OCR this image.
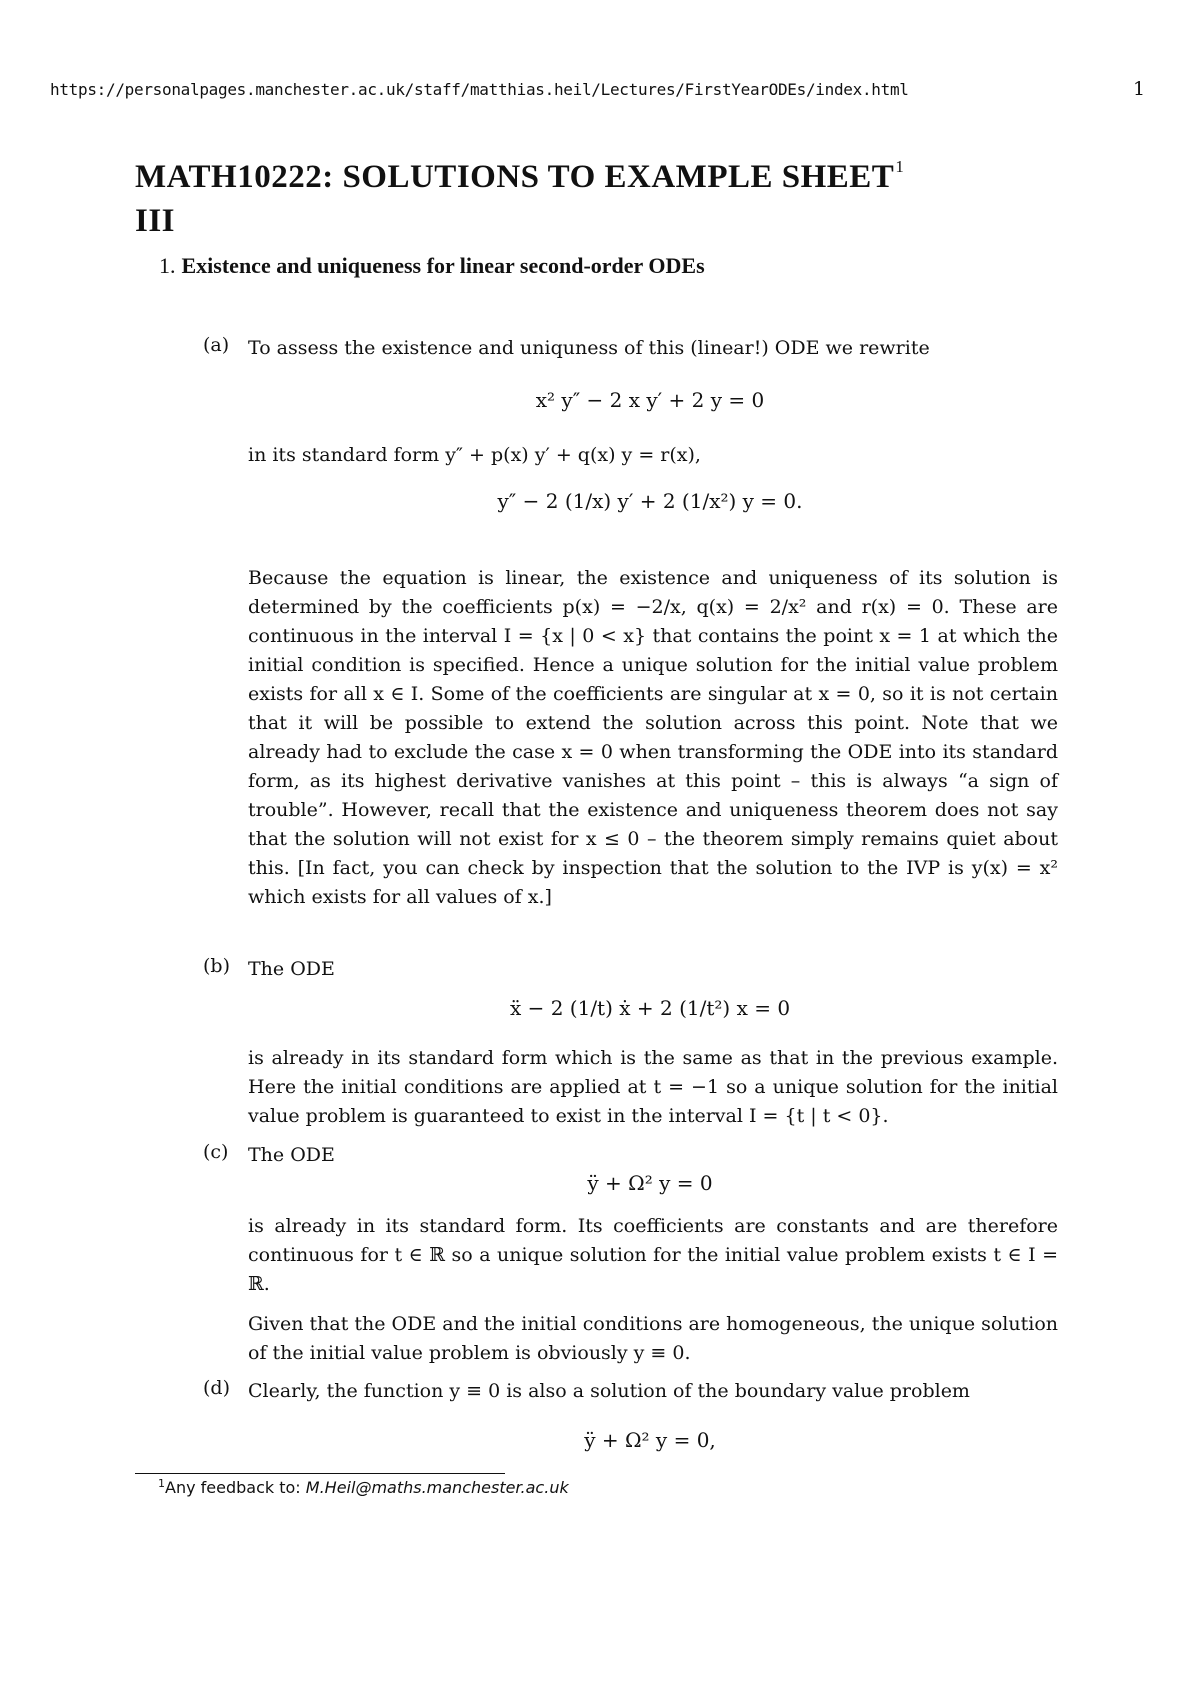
https://personalpages.manchester.ac.uk/staff/matthias.heil/Lectures/FirstYearODEs/index.html	1
MATH10222: SOLUTIONS TO EXAMPLE SHEET$^1$
III
1. Existence and uniqueness for linear second-order ODEs
(a) To assess the existence and uniquness of this (linear!) ODE we rewrite
x² y″ − 2 x y′ + 2 y = 0
in its standard form y″ + p(x) y′ + q(x) y = r(x),
y″ − 2 (1/x) y′ + 2 (1/x²) y = 0.
Because the equation is linear, the existence and uniqueness of its solution is determined by the coefficients p(x) = −2/x, q(x) = 2/x² and r(x) = 0. These are continuous in the interval I = {x | 0 < x} that contains the point x = 1 at which the initial condition is specified. Hence a unique solution for the initial value problem exists for all x ∈ I. Some of the coefficients are singular at x = 0, so it is not certain that it will be possible to extend the solution across this point. Note that we already had to exclude the case x = 0 when transforming the ODE into its standard form, as its highest derivative vanishes at this point – this is always “a sign of trouble”. However, recall that the existence and uniqueness theorem does not say that the solution will not exist for x ≤ 0 – the theorem simply remains quiet about this. [In fact, you can check by inspection that the solution to the IVP is y(x) = x² which exists for all values of x.]
(b) The ODE
ẍ − 2 (1/t) ẋ + 2 (1/t²) x = 0
is already in its standard form which is the same as that in the previous example. Here the initial conditions are applied at t = −1 so a unique solution for the initial value problem is guaranteed to exist in the interval I = {t | t < 0}.
(c) The ODE
ÿ + Ω² y = 0
is already in its standard form. Its coefficients are constants and are therefore continuous for t ∈ ℝ so a unique solution for the initial value problem exists t ∈ I = ℝ.
Given that the ODE and the initial conditions are homogeneous, the unique solution of the initial value problem is obviously y ≡ 0.
(d) Clearly, the function y ≡ 0 is also a solution of the boundary value problem
ÿ + Ω² y = 0,
$^1$Any feedback to: M.Heil@maths.manchester.ac.uk
